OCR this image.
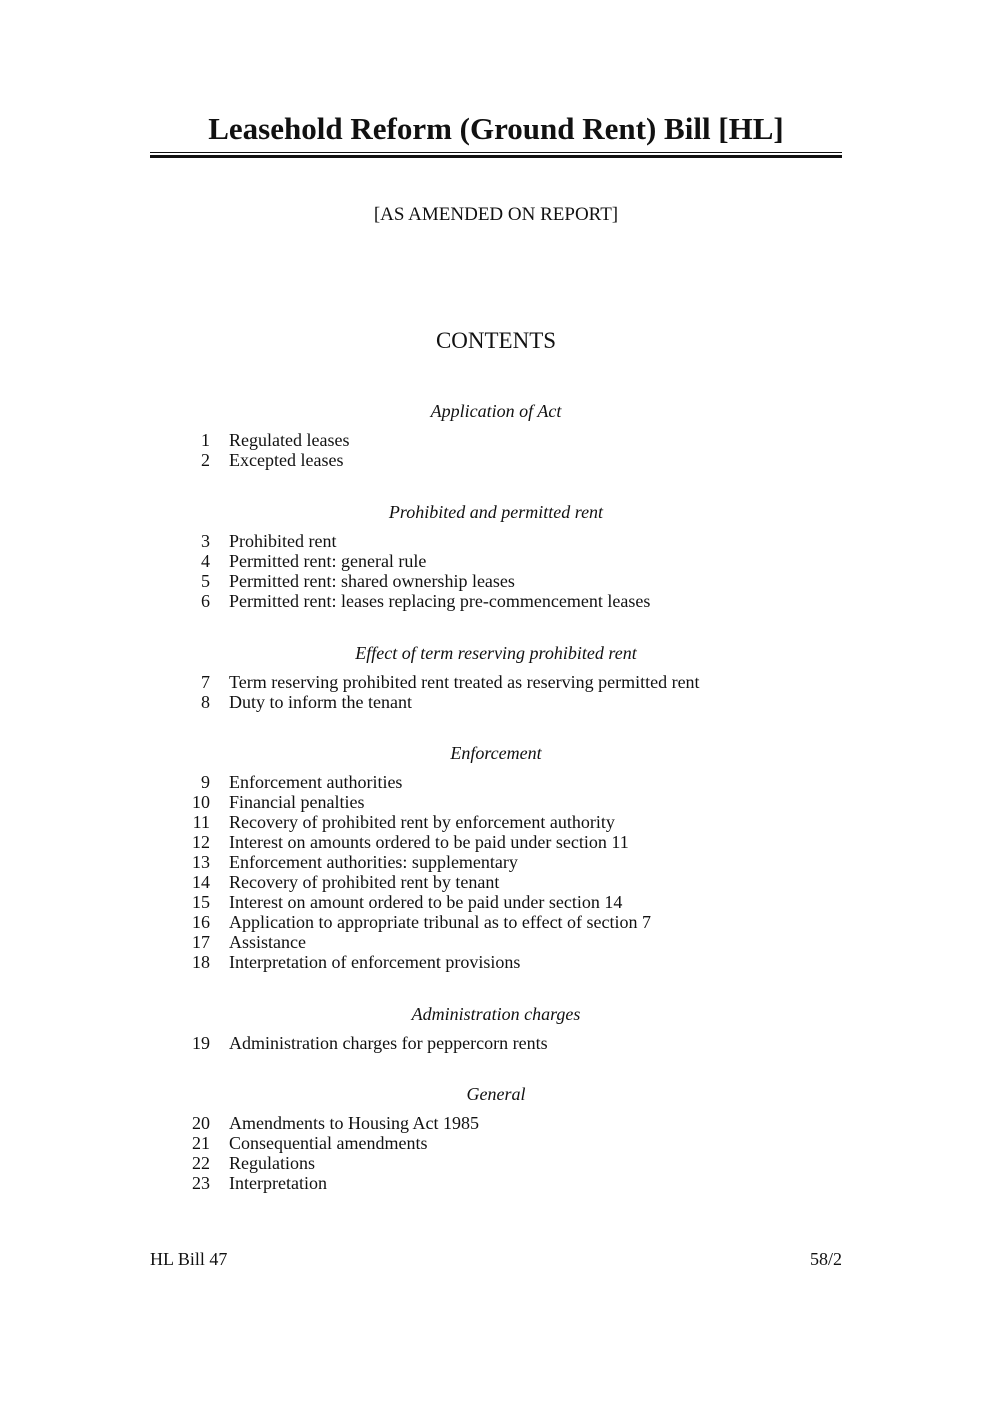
Leasehold Reform (Ground Rent) Bill [HL]
[AS AMENDED ON REPORT]
CONTENTS
Application of Act
1	Regulated leases
2	Excepted leases
Prohibited and permitted rent
3	Prohibited rent
4	Permitted rent: general rule
5	Permitted rent: shared ownership leases
6	Permitted rent: leases replacing pre-commencement leases
Effect of term reserving prohibited rent
7	Term reserving prohibited rent treated as reserving permitted rent
8	Duty to inform the tenant
Enforcement
9	Enforcement authorities
10	Financial penalties
11	Recovery of prohibited rent by enforcement authority
12	Interest on amounts ordered to be paid under section 11
13	Enforcement authorities: supplementary
14	Recovery of prohibited rent by tenant
15	Interest on amount ordered to be paid under section 14
16	Application to appropriate tribunal as to effect of section 7
17	Assistance
18	Interpretation of enforcement provisions
Administration charges
19	Administration charges for peppercorn rents
General
20	Amendments to Housing Act 1985
21	Consequential amendments
22	Regulations
23	Interpretation
HL Bill 47	58/2
